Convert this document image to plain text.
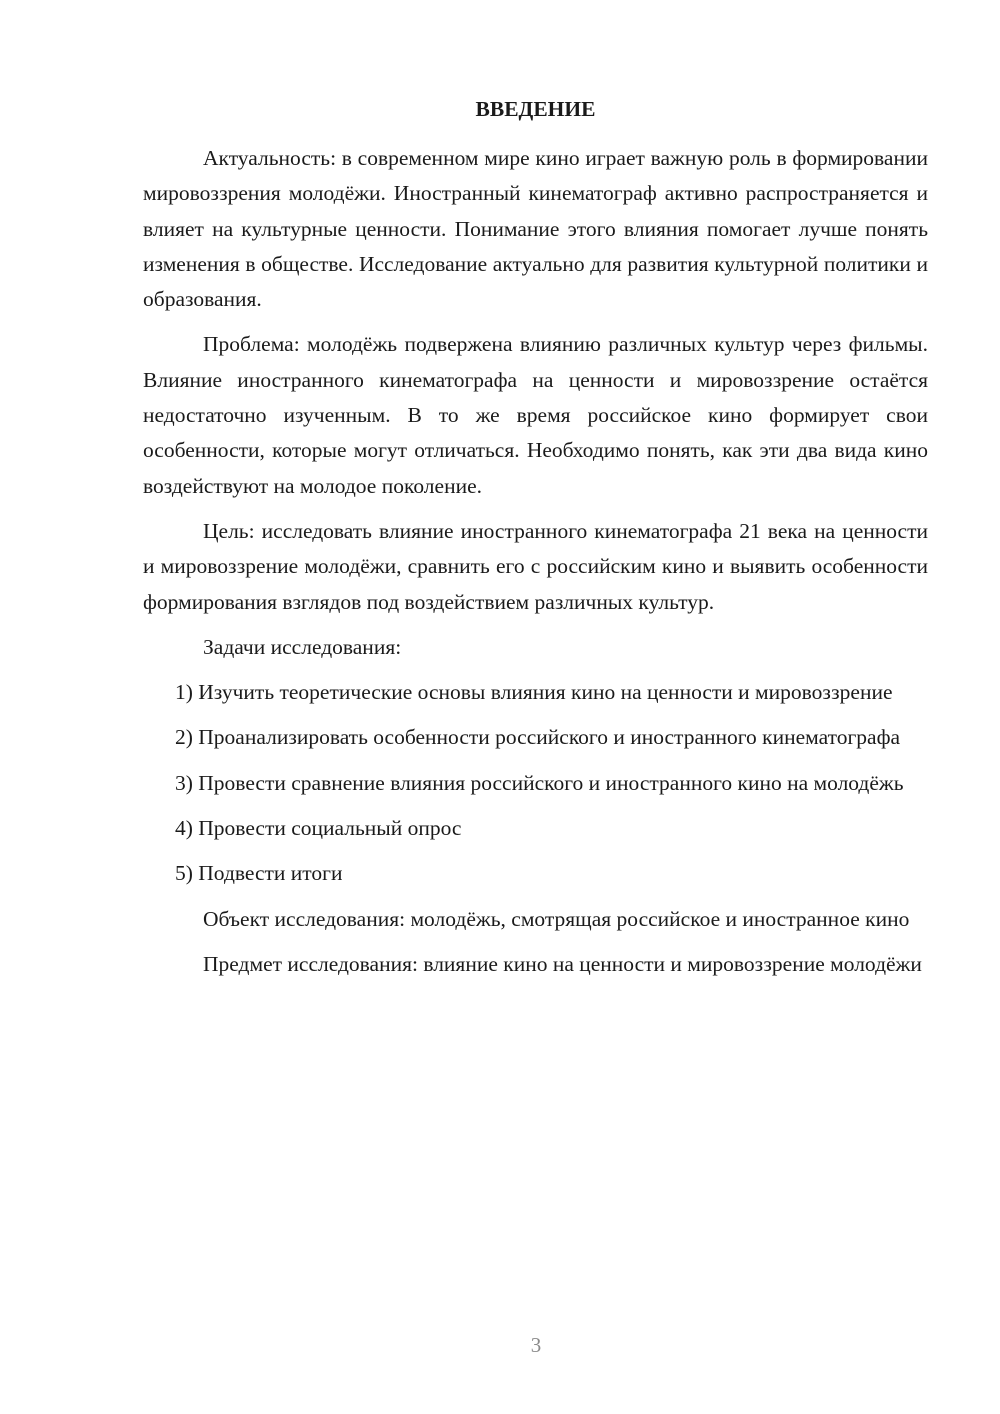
ВВЕДЕНИЕ

Актуальность: в современном мире кино играет важную роль в формировании мировоззрения молодёжи. Иностранный кинематограф активно распространяется и влияет на культурные ценности. Понимание этого влияния помогает лучше понять изменения в обществе. Исследование актуально для развития культурной политики и образования.

Проблема: молодёжь подвержена влиянию различных культур через фильмы. Влияние иностранного кинематографа на ценности и мировоззрение остаётся недостаточно изученным. В то же время российское кино формирует свои особенности, которые могут отличаться. Необходимо понять, как эти два вида кино воздействуют на молодое поколение.

Цель: исследовать влияние иностранного кинематографа 21 века на ценности и мировоззрение молодёжи, сравнить его с российским кино и выявить особенности формирования взглядов под воздействием различных культур.

Задачи исследования:

1) Изучить теоретические основы влияния кино на ценности и мировоззрение

2) Проанализировать особенности российского и иностранного кинематографа

3) Провести сравнение влияния российского и иностранного кино на молодёжь

4) Провести социальный опрос

5) Подвести итоги

Объект исследования: молодёжь, смотрящая российское и иностранное кино

Предмет исследования: влияние кино на ценности и мировоззрение молодёжи

3
